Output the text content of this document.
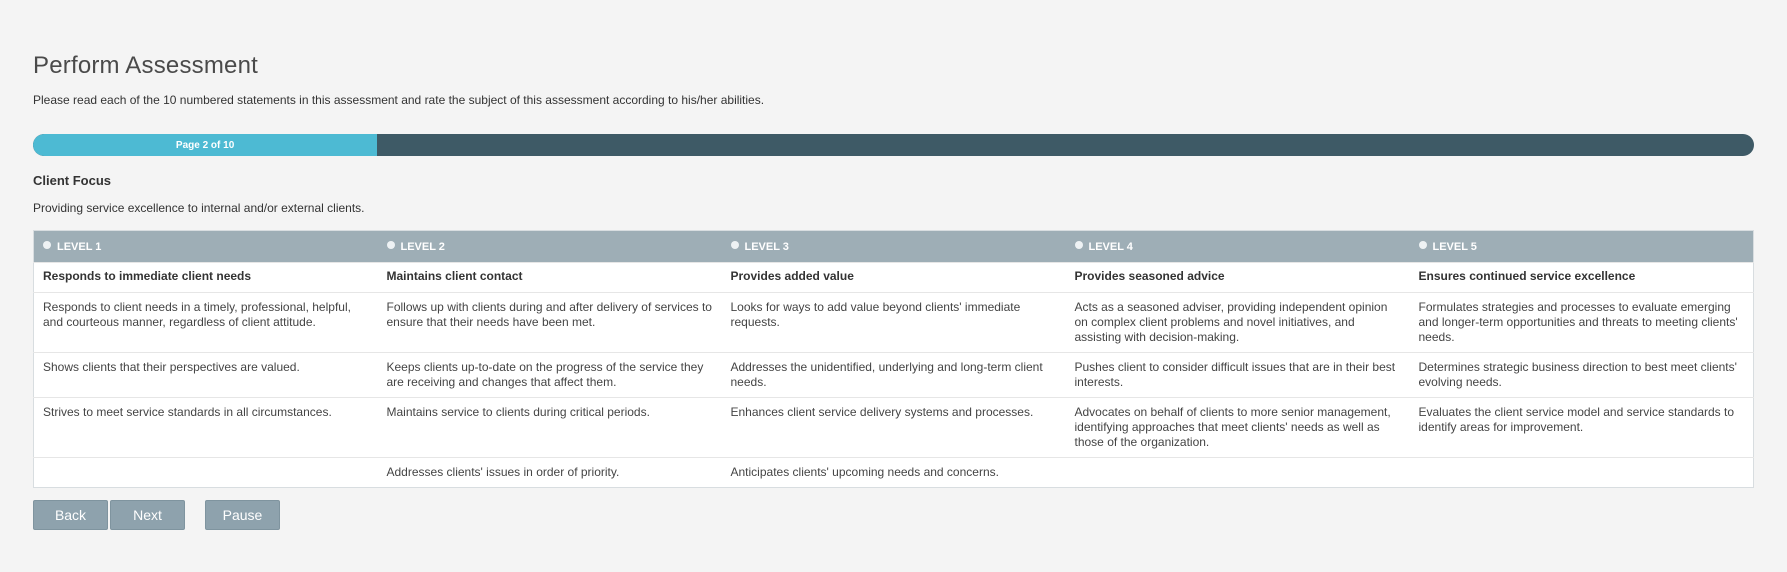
Perform Assessment
Please read each of the 10 numbered statements in this assessment and rate the subject of this assessment according to his/her abilities.
Page 2 of 10
Client Focus
Providing service excellence to internal and/or external clients.
LEVEL 1	LEVEL 2	LEVEL 3	LEVEL 4	LEVEL 5
Responds to immediate client needs	Maintains client contact	Provides added value	Provides seasoned advice	Ensures continued service excellence
Responds to client needs in a timely, professional, helpful, and courteous manner, regardless of client attitude.	Follows up with clients during and after delivery of services to ensure that their needs have been met.	Looks for ways to add value beyond clients' immediate requests.	Acts as a seasoned adviser, providing independent opinion on complex client problems and novel initiatives, and assisting with decision-making.	Formulates strategies and processes to evaluate emerging and longer-term opportunities and threats to meeting clients' needs.
Shows clients that their perspectives are valued.	Keeps clients up-to-date on the progress of the service they are receiving and changes that affect them.	Addresses the unidentified, underlying and long-term client needs.	Pushes client to consider difficult issues that are in their best interests.	Determines strategic business direction to best meet clients' evolving needs.
Strives to meet service standards in all circumstances.	Maintains service to clients during critical periods.	Enhances client service delivery systems and processes.	Advocates on behalf of clients to more senior management, identifying approaches that meet clients' needs as well as those of the organization.	Evaluates the client service model and service standards to identify areas for improvement.
	Addresses clients' issues in order of priority.	Anticipates clients' upcoming needs and concerns.		
Back	Next	Pause
